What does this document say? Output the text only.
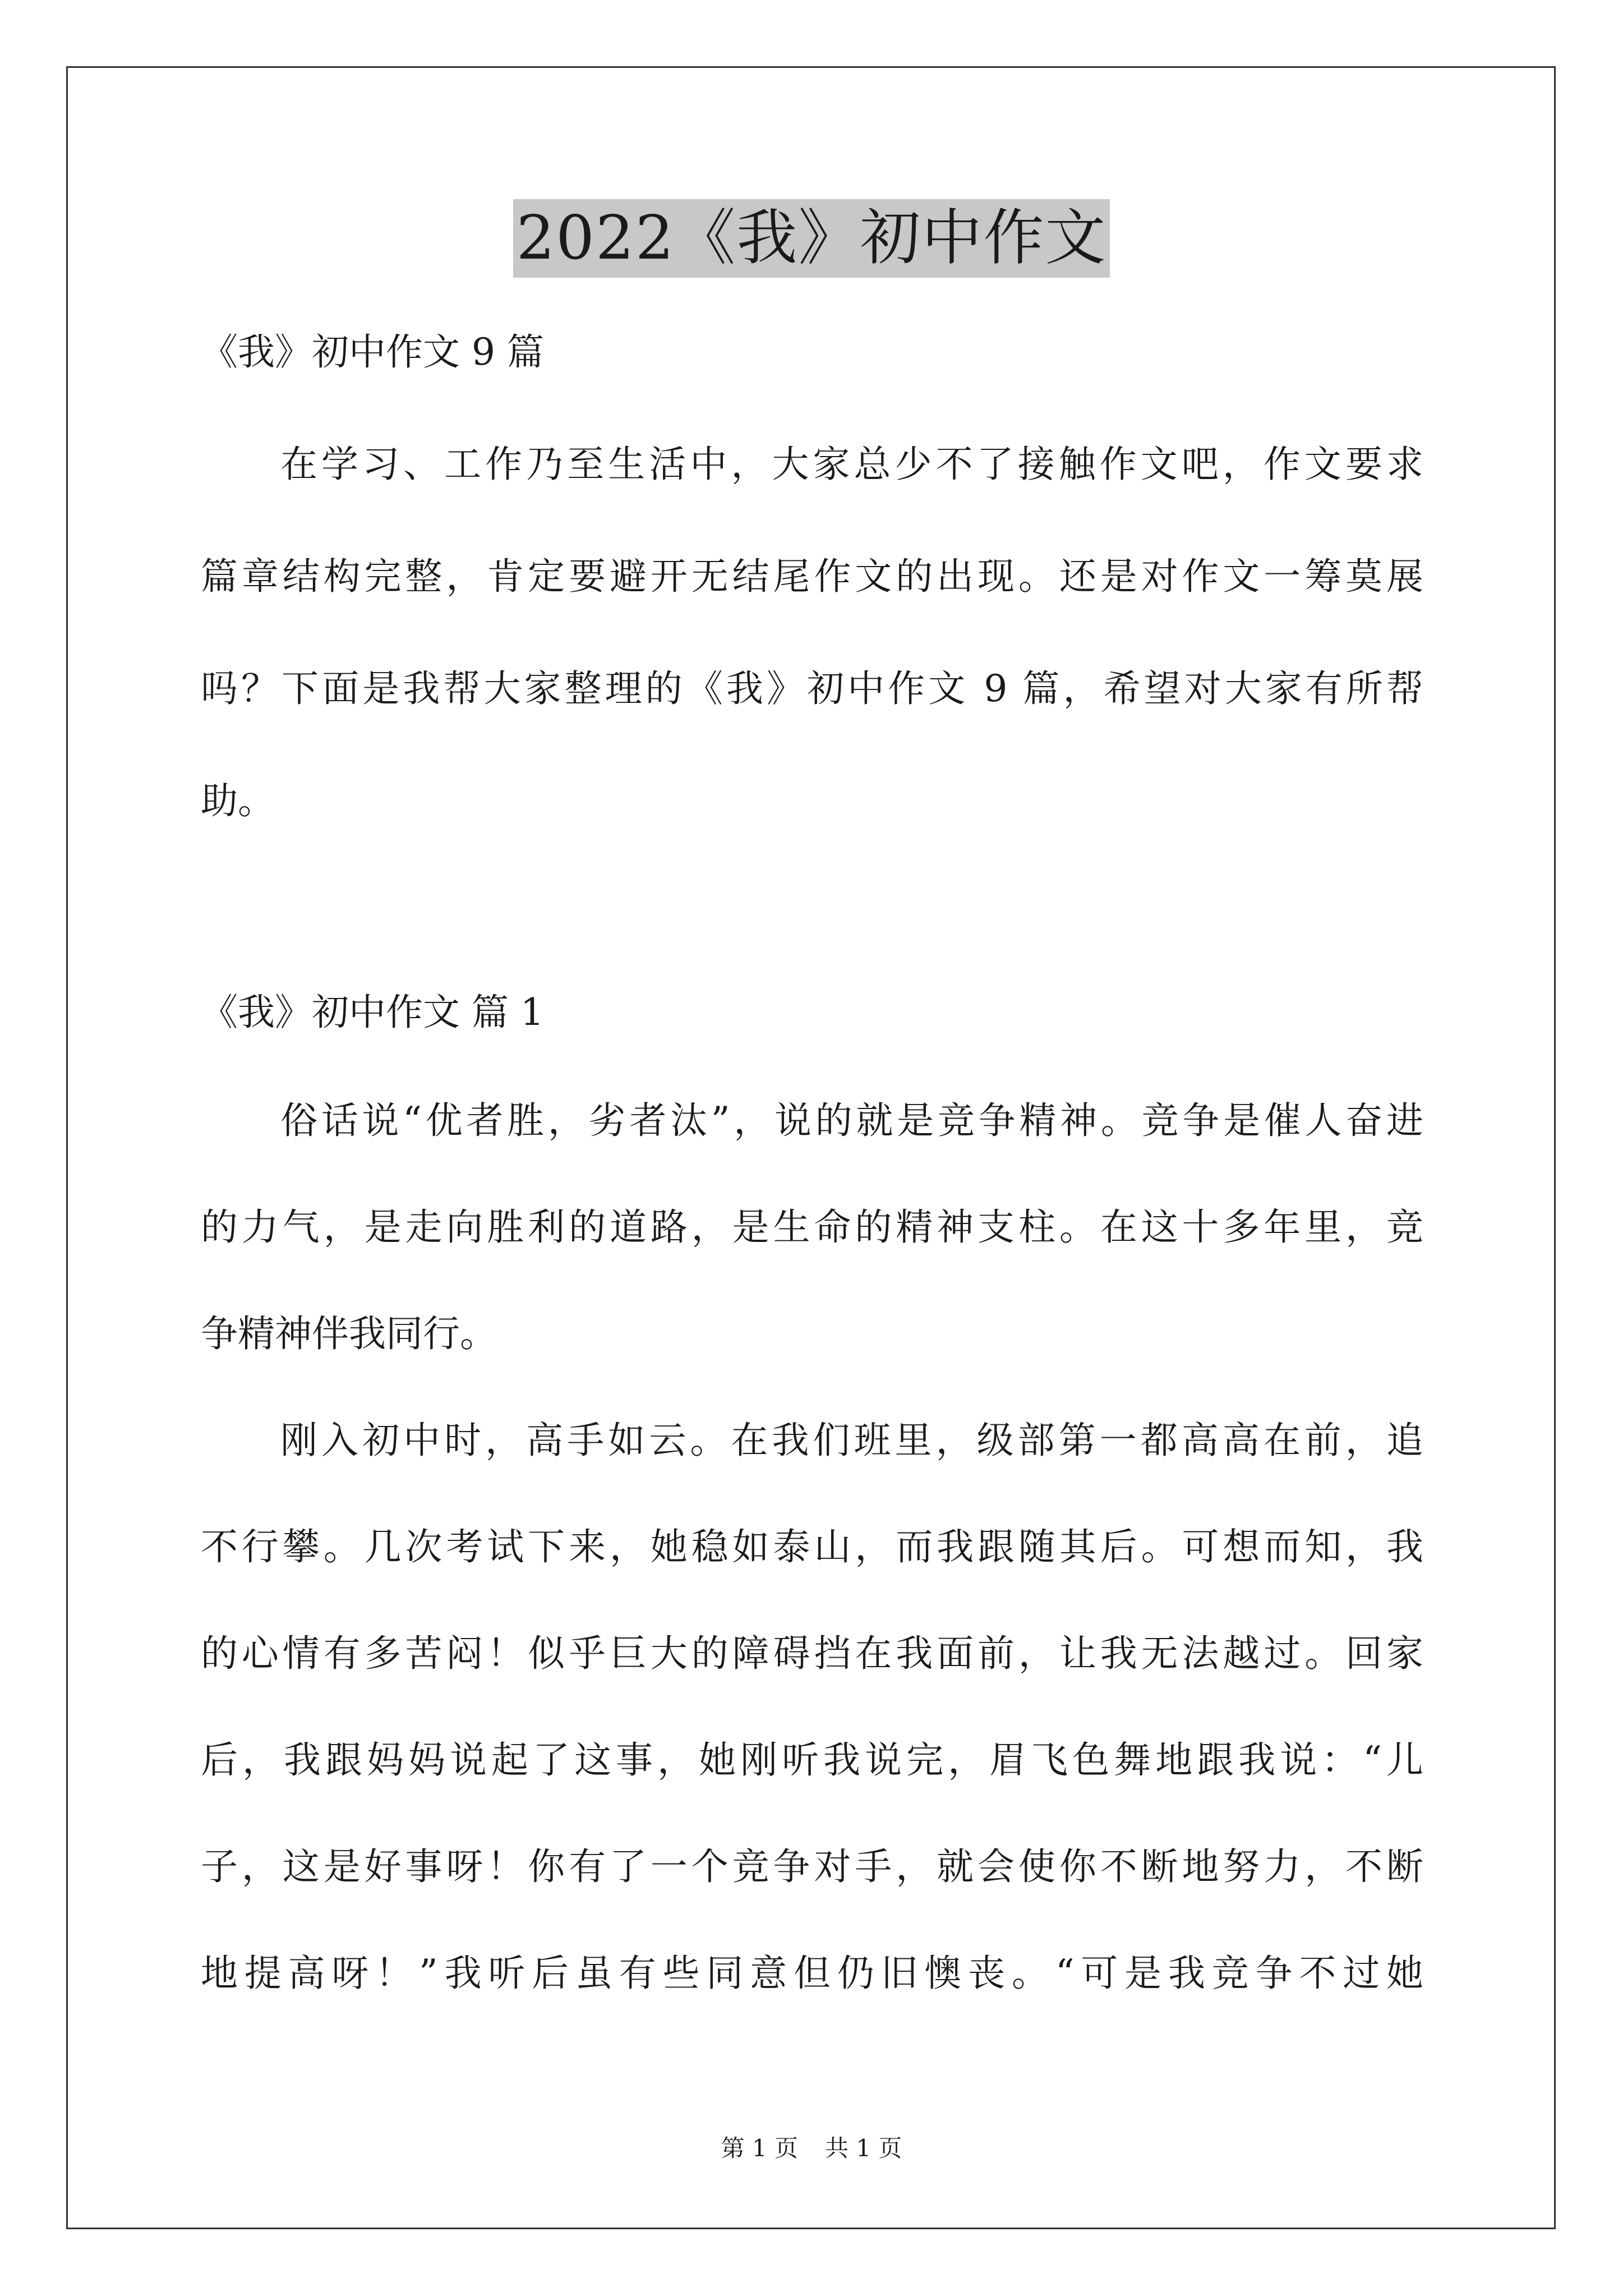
2022《我》初中作文
《我》初中作文 9 篇
在学习、工作乃至生活中，大家总少不了接触作文吧，作文要求
篇章结构完整，肯定要避开无结尾作文的出现。还是对作文一筹莫展
吗？下面是我帮大家整理的《我》初中作文 9 篇，希望对大家有所帮
助。
《我》初中作文 篇 1
俗话说“优者胜，劣者汰”，说的就是竞争精神。竞争是催人奋进
的力气，是走向胜利的道路，是生命的精神支柱。在这十多年里，竞
争精神伴我同行。
刚入初中时，高手如云。在我们班里，级部第一都高高在前，追
不行攀。几次考试下来，她稳如泰山，而我跟随其后。可想而知，我
的心情有多苦闷！似乎巨大的障碍挡在我面前，让我无法越过。回家
后，我跟妈妈说起了这事，她刚听我说完，眉飞色舞地跟我说：“儿
子，这是好事呀！你有了一个竞争对手，就会使你不断地努力，不断
地提高呀！”我听后虽有些同意但仍旧懊丧。“可是我竞争不过她
第 1 页 共 1 页
